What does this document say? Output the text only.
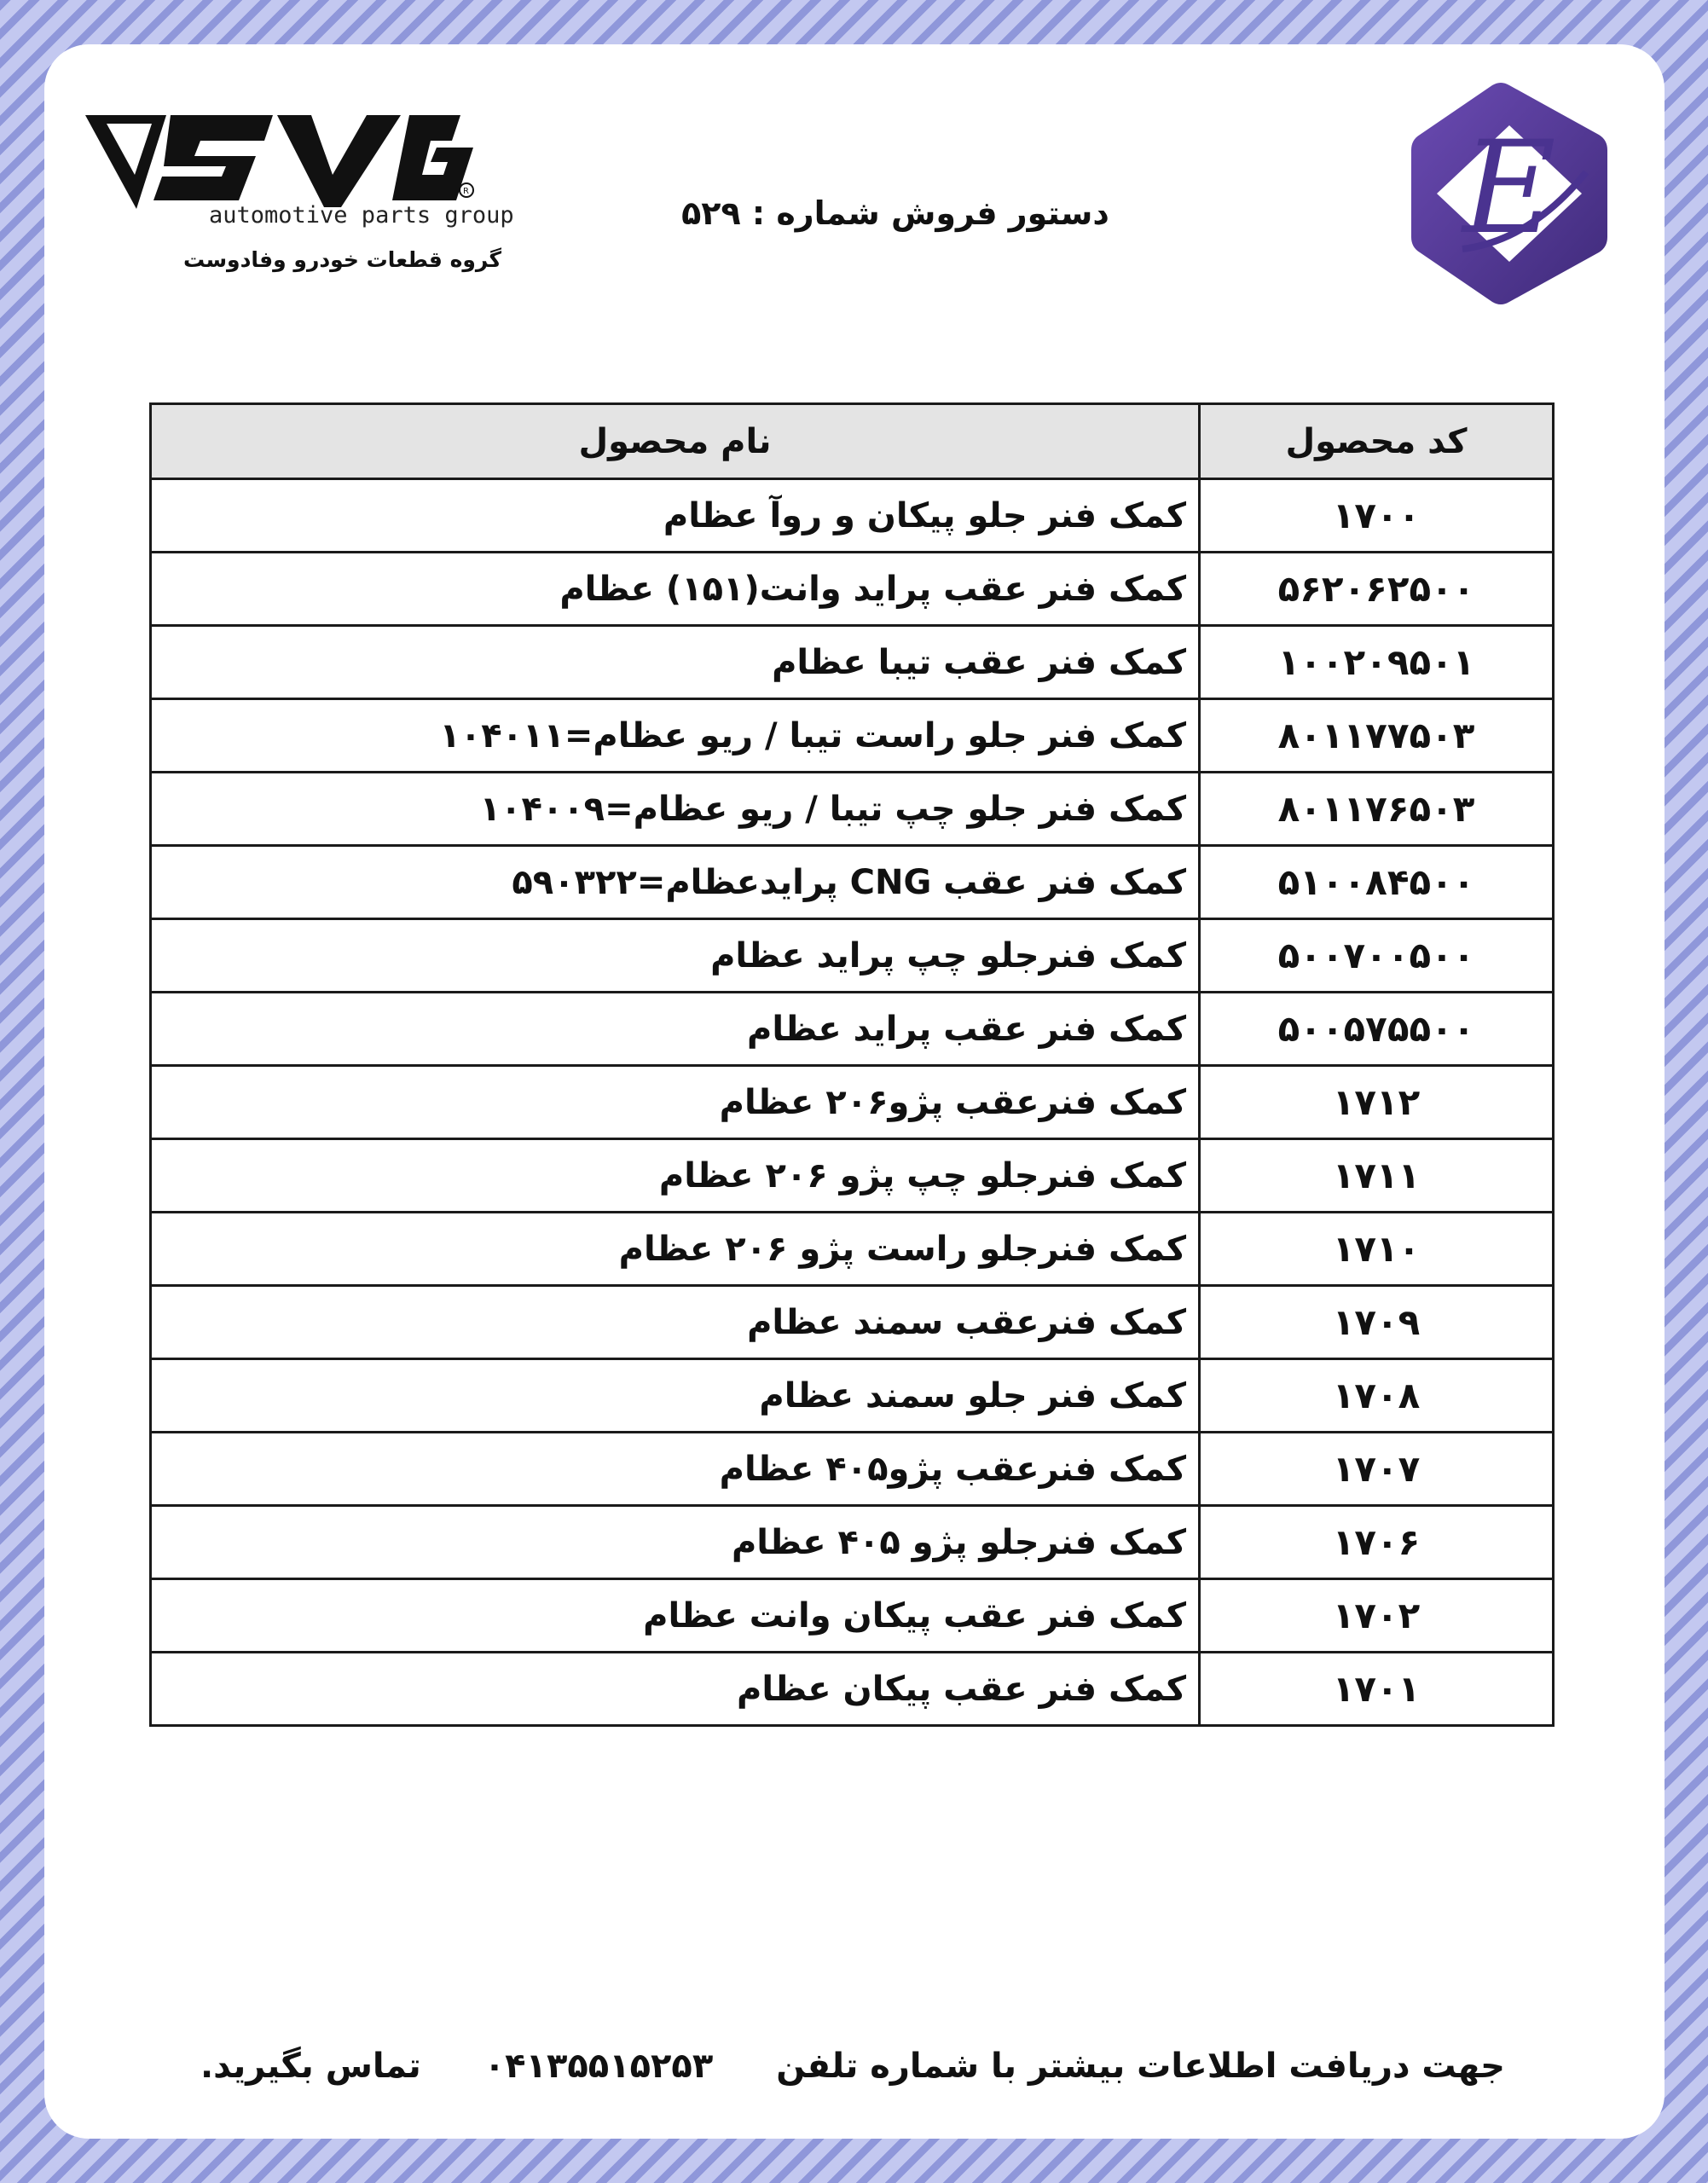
R
automotive parts group
گروه قطعات خودرو وفادوست
دستور فروش شماره : ۵۲۹	E
کد محصول	نام محصول
۱۷۰۰	کمک فنر جلو پیکان و روآ عظام
۵۶۲۰۶۲۵۰۰	کمک فنر عقب پراید وانت(۱۵۱) عظام
۱۰۰۲۰۹۵۰۱	کمک فنر عقب تیبا عظام
۸۰۱۱۷۷۵۰۳	کمک فنر جلو راست تیبا / ریو عظام=۱۰۴۰۱۱
۸۰۱۱۷۶۵۰۳	کمک فنر جلو چپ تیبا / ریو عظام=۱۰۴۰۰۹
۵۱۰۰۸۴۵۰۰	کمک فنر عقب CNG پرایدعظام=۵۹۰۳۲۲
۵۰۰۷۰۰۵۰۰	کمک فنرجلو چپ پراید عظام
۵۰۰۵۷۵۵۰۰	کمک فنر عقب پراید عظام
۱۷۱۲	کمک فنرعقب پژو۲۰۶ عظام
۱۷۱۱	کمک فنرجلو چپ پژو ۲۰۶ عظام
۱۷۱۰	کمک فنرجلو راست پژو ۲۰۶ عظام
۱۷۰۹	کمک فنرعقب سمند عظام
۱۷۰۸	کمک فنر جلو سمند عظام
۱۷۰۷	کمک فنرعقب پژو۴۰۵ عظام
۱۷۰۶	کمک فنرجلو پژو ۴۰۵ عظام
۱۷۰۲	کمک فنر عقب پیکان وانت عظام
۱۷۰۱	کمک فنر عقب پیکان عظام
جهت دریافت اطلاعات بیشتر با شماره تلفن ۰۴۱۳۵۵۱۵۲۵۳ تماس بگیرید.
